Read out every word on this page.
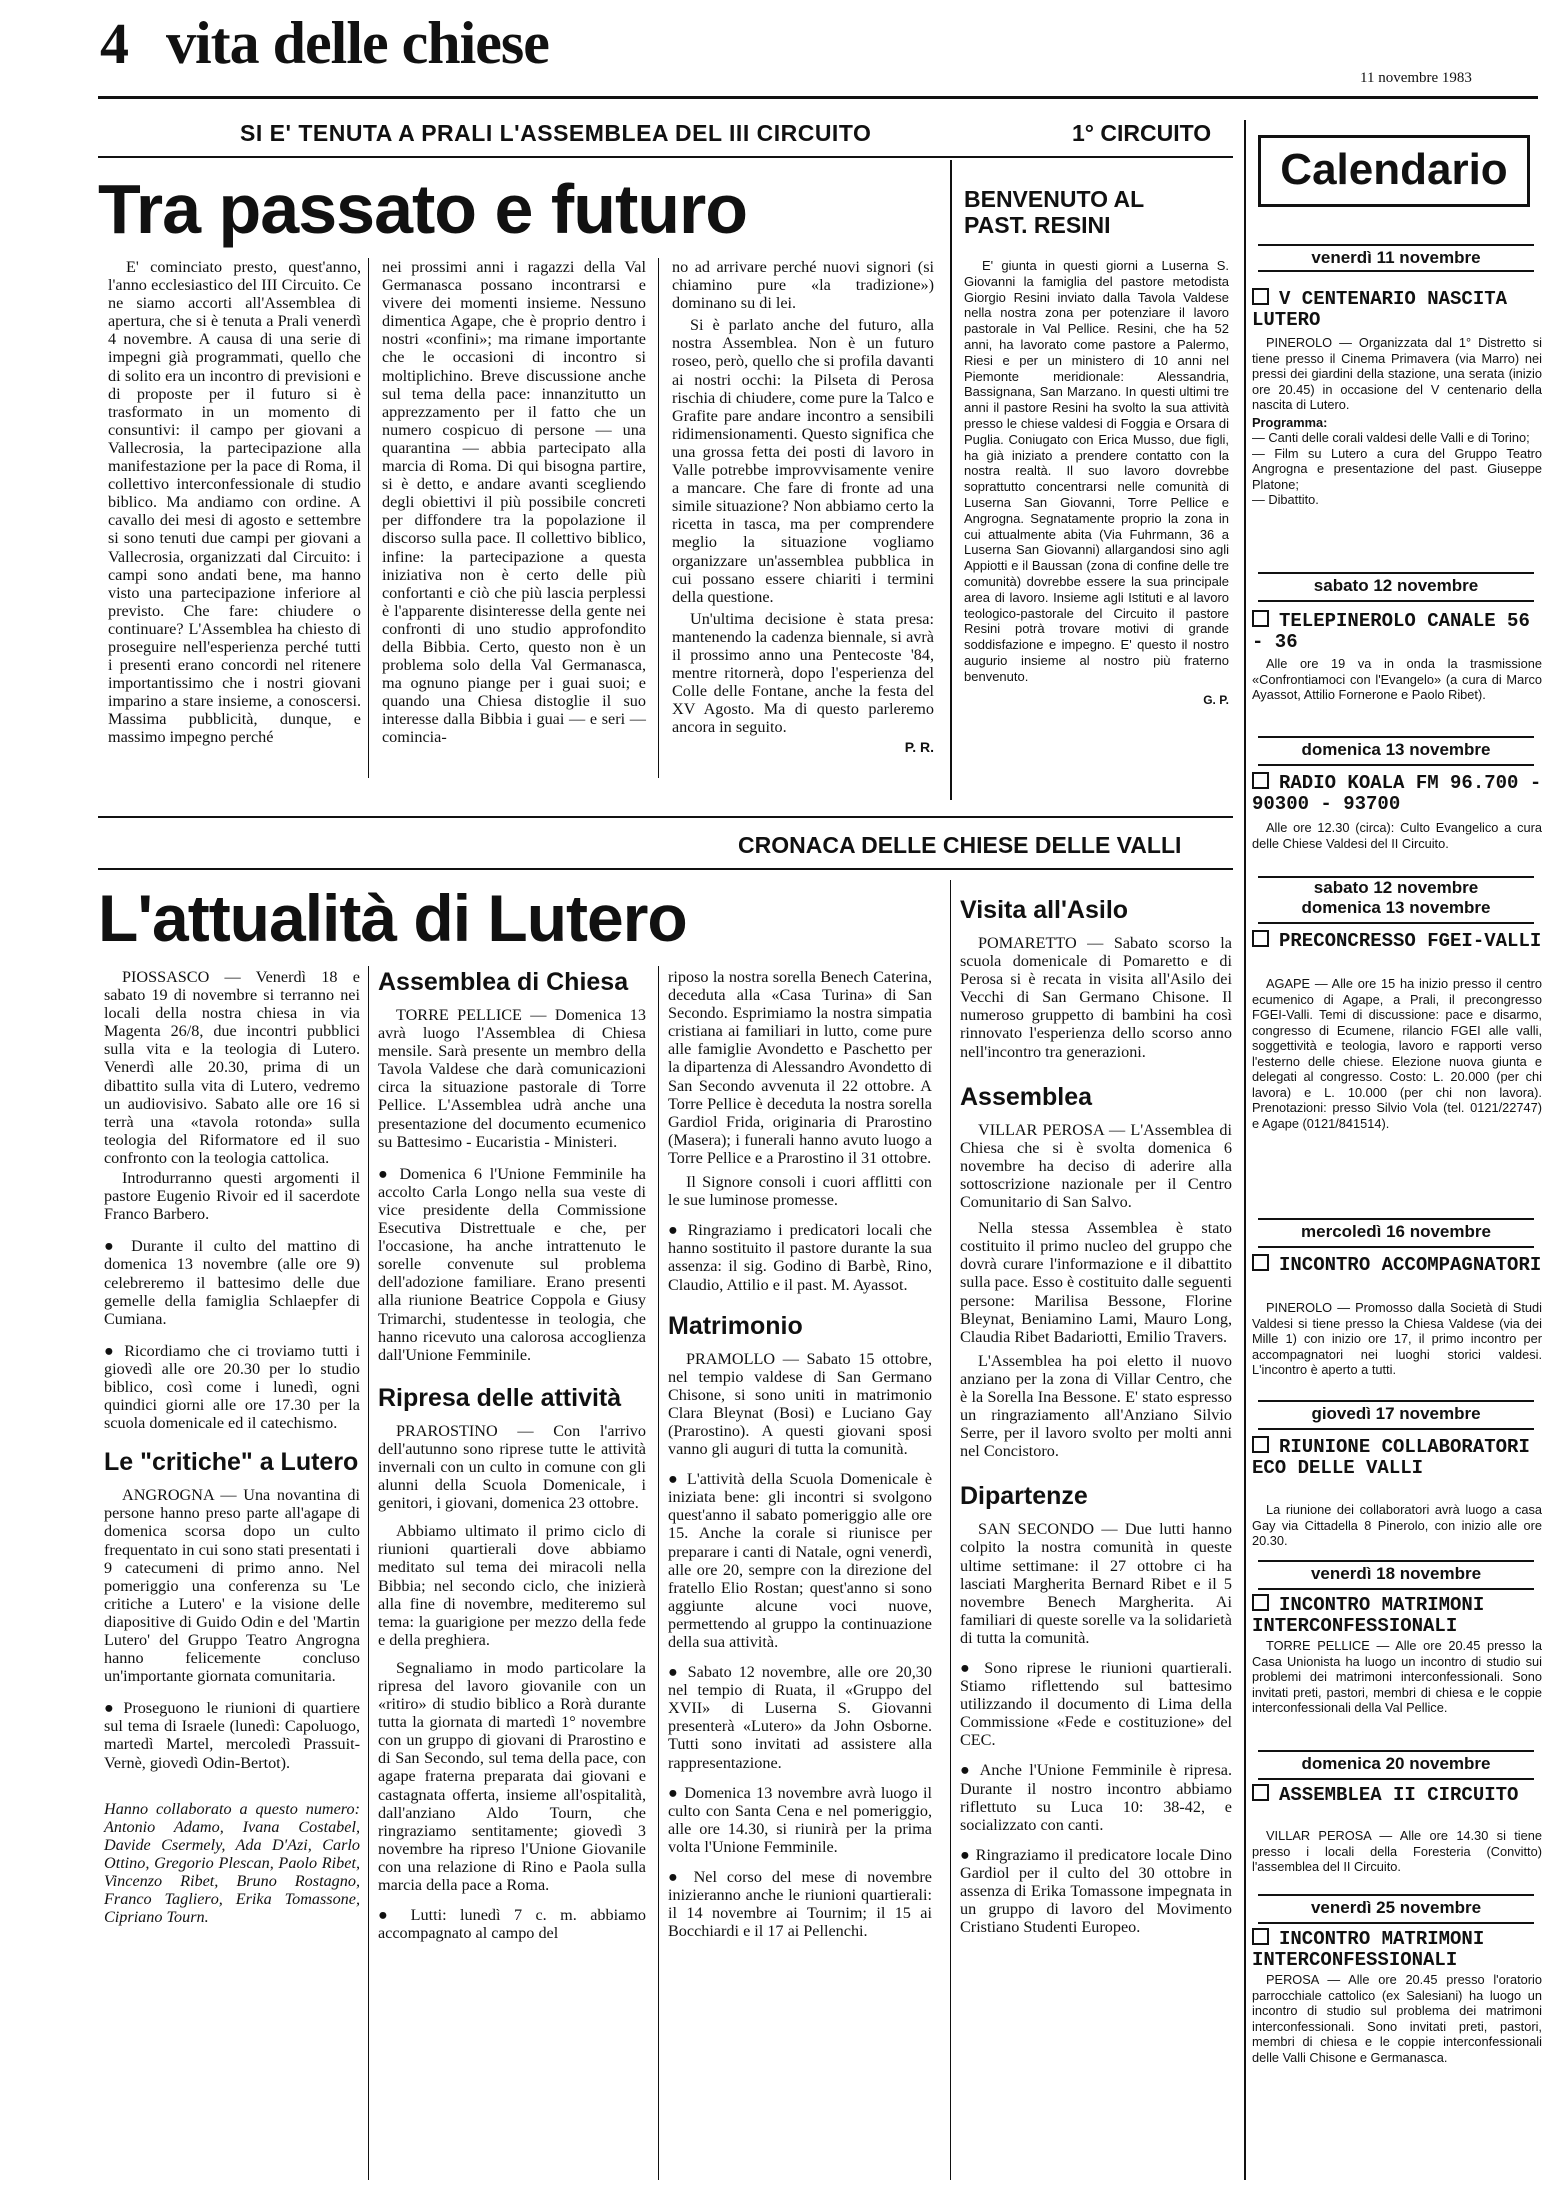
4 vita delle chiese
11 novembre 1983
SI E' TENUTA A PRALI L'ASSEMBLEA DEL III CIRCUITO
Tra passato e futuro

E' cominciato presto, quest'anno, l'anno ecclesiastico del III Circuito. Ce ne siamo accorti all'Assemblea di apertura, che si è tenuta a Prali venerdì 4 novembre. A causa di una serie di impegni già programmati, quello che di solito era un incontro di previsioni e di proposte per il futuro si è trasformato in un momento di consuntivi: il campo per giovani a Vallecrosia, la partecipazione alla manifestazione per la pace di Roma, il collettivo interconfessionale di studio biblico. Ma andiamo con ordine. A cavallo dei mesi di agosto e settembre si sono tenuti due campi per giovani a Vallecrosia, organizzati dal Circuito: i campi sono andati bene, ma hanno visto una partecipazione inferiore al previsto. Che fare: chiudere o continuare? L'Assemblea ha chiesto di proseguire nell'esperienza perché tutti i presenti erano concordi nel ritenere importantissimo che i nostri giovani imparino a stare insieme, a conoscersi. Massima pubblicità, dunque, e massimo impegno perché

nei prossimi anni i ragazzi della Val Germanasca possano incontrarsi e vivere dei momenti insieme. Nessuno dimentica Agape, che è proprio dentro i nostri «confini»; ma rimane importante che le occasioni di incontro si moltiplichino. Breve discussione anche sul tema della pace: innanzitutto un apprezzamento per il fatto che un numero cospicuo di persone — una quarantina — abbia partecipato alla marcia di Roma. Di qui bisogna partire, si è detto, e andare avanti scegliendo degli obiettivi il più possibile concreti per diffondere tra la popolazione il discorso sulla pace. Il collettivo biblico, infine: la partecipazione a questa iniziativa non è certo delle più confortanti e ciò che più lascia perplessi è l'apparente disinteresse della gente nei confronti di uno studio approfondito della Bibbia. Certo, questo non è un problema solo della Val Germanasca, ma ognuno piange per i guai suoi; e quando una Chiesa distoglie il suo interesse dalla Bibbia i guai — e seri — comincia-

no ad arrivare perché nuovi signori (si chiamino pure «la tradizione») dominano su di lei.

Si è parlato anche del futuro, alla nostra Assemblea. Non è un futuro roseo, però, quello che si profila davanti ai nostri occhi: la Pilseta di Perosa rischia di chiudere, come pure la Talco e Grafite pare andare incontro a sensibili ridimensionamenti. Questo significa che una grossa fetta dei posti di lavoro in Valle potrebbe improvvisamente venire a mancare. Che fare di fronte ad una simile situazione? Non abbiamo certo la ricetta in tasca, ma per comprendere meglio la situazione vogliamo organizzare un'assemblea pubblica in cui possano essere chiariti i termini della questione.

Un'ultima decisione è stata presa: mantenendo la cadenza biennale, si avrà il prossimo anno una Pentecoste '84, mentre ritornerà, dopo l'esperienza del Colle delle Fontane, anche la festa del XV Agosto. Ma di questo parleremo ancora in seguito.

P. R.
1° CIRCUITO
BENVENUTO AL PAST. RESINI

E' giunta in questi giorni a Luserna S. Giovanni la famiglia del pastore metodista Giorgio Resini inviato dalla Tavola Valdese nella nostra zona per potenziare il lavoro pastorale in Val Pellice. Resini, che ha 52 anni, ha lavorato come pastore a Palermo, Riesi e per un ministero di 10 anni nel Piemonte meridionale: Alessandria, Bassignana, San Marzano. In questi ultimi tre anni il pastore Resini ha svolto la sua attività presso le chiese valdesi di Foggia e Orsara di Puglia. Coniugato con Erica Musso, due figli, ha già iniziato a prendere contatto con la nostra realtà. Il suo lavoro dovrebbe soprattutto concentrarsi nelle comunità di Luserna San Giovanni, Torre Pellice e Angrogna. Segnatamente proprio la zona in cui attualmente abita (Via Fuhrmann, 36 a Luserna San Giovanni) allargandosi sino agli Appiotti e il Baussan (zona di confine delle tre comunità) dovrebbe essere la sua principale area di lavoro. Insieme agli Istituti e al lavoro teologico-pastorale del Circuito il pastore Resini potrà trovare motivi di grande soddisfazione e impegno. E' questo il nostro augurio insieme al nostro più fraterno benvenuto.

G. P.
Calendario
venerdì 11 novembre
V CENTENARIO NASCITA LUTERO

PINEROLO — Organizzata dal 1° Distretto si tiene presso il Cinema Primavera (via Marro) nei pressi dei giardini della stazione, una serata (inizio ore 20.45) in occasione del V centenario della nascita di Lutero.

Programma:
— Canti delle corali valdesi delle Valli e di Torino;
— Film su Lutero a cura del Gruppo Teatro Angrogna e presentazione del past. Giuseppe Platone;
— Dibattito.
sabato 12 novembre
TELEPINEROLO CANALE 56 - 36

Alle ore 19 va in onda la trasmissione «Confrontiamoci con l'Evangelo» (a cura di Marco Ayassot, Attilio Fornerone e Paolo Ribet).

domenica 13 novembre
RADIO KOALA FM 96.700 - 90300 - 93700

Alle ore 12.30 (circa): Culto Evangelico a cura delle Chiese Valdesi del II Circuito.

sabato 12 novembre domenica 13 novembre
PRECONCRESSO FGEI-VALLI

AGAPE — Alle ore 15 ha inizio presso il centro ecumenico di Agape, a Prali, il precongresso FGEI-Valli. Temi di discussione: pace e disarmo, congresso di Ecumene, rilancio FGEI alle valli, soggettività e teologia, lavoro e rapporti verso l'esterno delle chiese. Elezione nuova giunta e delegati al congresso. Costo: L. 20.000 (per chi lavora) e L. 10.000 (per chi non lavora). Prenotazioni: presso Silvio Vola (tel. 0121/22747) e Agape (0121/841514).

mercoledì 16 novembre
INCONTRO ACCOMPAGNATORI

PINEROLO — Promosso dalla Società di Studi Valdesi si tiene presso la Chiesa Valdese (via dei Mille 1) con inizio ore 17, il primo incontro per accompagnatori nei luoghi storici valdesi. L'incontro è aperto a tutti.

giovedì 17 novembre
RIUNIONE COLLABORATORI ECO DELLE VALLI

La riunione dei collaboratori avrà luogo a casa Gay via Cittadella 8 Pinerolo, con inizio alle ore 20.30.

venerdì 18 novembre
INCONTRO MATRIMONI INTERCONFESSIONALI

TORRE PELLICE — Alle ore 20.45 presso la Casa Unionista ha luogo un incontro di studio sui problemi dei matrimoni interconfessionali. Sono invitati preti, pastori, membri di chiesa e le coppie interconfessionali della Val Pellice.

domenica 20 novembre
ASSEMBLEA II CIRCUITO

VILLAR PEROSA — Alle ore 14.30 si tiene presso i locali della Foresteria (Convitto) l'assemblea del II Circuito.

venerdì 25 novembre
INCONTRO MATRIMONI INTERCONFESSIONALI

PEROSA — Alle ore 20.45 presso l'oratorio parrocchiale cattolico (ex Salesiani) ha luogo un incontro di studio sul problema dei matrimoni interconfessionali. Sono invitati preti, pastori, membri di chiesa e le coppie interconfessionali delle Valli Chisone e Germanasca.

CRONACA DELLE CHIESE DELLE VALLI
L'attualità di Lutero

PIOSSASCO — Venerdì 18 e sabato 19 di novembre si terranno nei locali della nostra chiesa in via Magenta 26/8, due incontri pubblici sulla vita e la teologia di Lutero. Venerdì alle 20.30, prima di un dibattito sulla vita di Lutero, vedremo un audiovisivo. Sabato alle ore 16 si terrà una «tavola rotonda» sulla teologia del Riformatore ed il suo confronto con la teologia cattolica.

Introdurranno questi argomenti il pastore Eugenio Rivoir ed il sacerdote Franco Barbero.

● Durante il culto del mattino di domenica 13 novembre (alle ore 9) celebreremo il battesimo delle due gemelle della famiglia Schlaepfer di Cumiana.

● Ricordiamo che ci troviamo tutti i giovedì alle ore 20.30 per lo studio biblico, così come i lunedì, ogni quindici giorni alle ore 17.30 per la scuola domenicale ed il catechismo.

Le "critiche" a Lutero

ANGROGNA — Una novantina di persone hanno preso parte all'agape di domenica scorsa dopo un culto frequentato in cui sono stati presentati i 9 catecumeni di primo anno. Nel pomeriggio una conferenza su 'Le critiche a Lutero' e la visione delle diapositive di Guido Odin e del 'Martin Lutero' del Gruppo Teatro Angrogna hanno felicemente concluso un'importante giornata comunitaria.

● Proseguono le riunioni di quartiere sul tema di Israele (lunedì: Capoluogo, martedì Martel, mercoledì Prassuit-Vernè, giovedì Odin-Bertot).

Hanno collaborato a questo numero: Antonio Adamo, Ivana Costabel, Davide Csermely, Ada D'Azi, Carlo Ottino, Gregorio Plescan, Paolo Ribet, Vincenzo Ribet, Bruno Rostagno, Franco Taglierо, Erika Tomassone, Cipriano Tourn.

Assemblea di Chiesa

TORRE PELLICE — Domenica 13 avrà luogo l'Assemblea di Chiesa mensile. Sarà presente un membro della Tavola Valdese che darà comunicazioni circa la situazione pastorale di Torre Pellice. L'Assemblea udrà anche una presentazione del documento ecumenico su Battesimo - Eucaristia - Ministeri.

● Domenica 6 l'Unione Femminile ha accolto Carla Longo nella sua veste di vice presidente della Commissione Esecutiva Distrettuale e che, per l'occasione, ha anche intrattenuto le sorelle convenute sul problema dell'adozione familiare. Erano presenti alla riunione Beatrice Coppola e Giusy Trimarchi, studentesse in teologia, che hanno ricevuto una calorosa accoglienza dall'Unione Femminile.

Ripresa delle attività

PRAROSTINO — Con l'arrivo dell'autunno sono riprese tutte le attività invernali con un culto in comune con gli alunni della Scuola Domenicale, i genitori, i giovani, domenica 23 ottobre.

Abbiamo ultimato il primo ciclo di riunioni quartierali dove abbiamo meditato sul tema dei miracoli nella Bibbia; nel secondo ciclo, che inizierà alla fine di novembre, mediteremo sul tema: la guarigione per mezzo della fede e della preghiera.

Segnaliamo in modo particolare la ripresa del lavoro giovanile con un «ritiro» di studio biblico a Rorà durante tutta la giornata di martedì 1° novembre con un gruppo di giovani di Prarostino e di San Secondo, sul tema della pace, con agape fraterna preparata dai giovani e castagnata offerta, insieme all'ospitalità, dall'anziano Aldo Tourn, che ringraziamo sentitamente; giovedì 3 novembre ha ripreso l'Unione Giovanile con una relazione di Rino e Paola sulla marcia della pace a Roma.

● Lutti: lunedì 7 c. m. abbiamo accompagnato al campo del

riposo la nostra sorella Benech Caterina, deceduta alla «Casa Turina» di San Secondo. Esprimiamo la nostra simpatia cristiana ai familiari in lutto, come pure alle famiglie Avondetto e Paschetto per la dipartenza di Alessandro Avondetto di San Secondo avvenuta il 22 ottobre. A Torre Pellice è deceduta la nostra sorella Gardiol Frida, originaria di Prarostino (Masera); i funerali hanno avuto luogo a Torre Pellice e a Prarostino il 31 ottobre.

Il Signore consoli i cuori afflitti con le sue luminose promesse.

● Ringraziamo i predicatori locali che hanno sostituito il pastore durante la sua assenza: il sig. Godino di Barbè, Rino, Claudio, Attilio e il past. M. Ayassot.

Matrimonio

PRAMOLLO — Sabato 15 ottobre, nel tempio valdese di San Germano Chisone, si sono uniti in matrimonio Clara Bleynat (Bosi) e Luciano Gay (Prarostino). A questi giovani sposi vanno gli auguri di tutta la comunità.

● L'attività della Scuola Domenicale è iniziata bene: gli incontri si svolgono quest'anno il sabato pomeriggio alle ore 15. Anche la corale si riunisce per preparare i canti di Natale, ogni venerdì, alle ore 20, sempre con la direzione del fratello Elio Rostan; quest'anno si sono aggiunte alcune voci nuove, permettendo al gruppo la continuazione della sua attività.

● Sabato 12 novembre, alle ore 20,30 nel tempio di Ruata, il «Gruppo del XVII» di Luserna S. Giovanni presenterà «Lutero» da John Osborne. Tutti sono invitati ad assistere alla rappresentazione.

● Domenica 13 novembre avrà luogo il culto con Santa Cena e nel pomeriggio, alle ore 14.30, si riunirà per la prima volta l'Unione Femminile.

● Nel corso del mese di novembre inizieranno anche le riunioni quartierali: il 14 novembre ai Tournim; il 15 ai Bocchiardi e il 17 ai Pellenchi.

Visita all'Asilo

POMARETTO — Sabato scorso la scuola domenicale di Pomaretto e di Perosa si è recata in visita all'Asilo dei Vecchi di San Germano Chisone. Il numeroso gruppetto di bambini ha così rinnovato l'esperienza dello scorso anno nell'incontro tra generazioni.

Assemblea

VILLAR PEROSA — L'Assemblea di Chiesa che si è svolta domenica 6 novembre ha deciso di aderire alla sottoscrizione nazionale per il Centro Comunitario di San Salvo.

Nella stessa Assemblea è stato costituito il primo nucleo del gruppo che dovrà curare l'informazione e il dibattito sulla pace. Esso è costituito dalle seguenti persone: Marilisa Bessone, Florine Bleynat, Beniamino Lami, Mauro Long, Claudia Ribet Badariotti, Emilio Travers.

L'Assemblea ha poi eletto il nuovo anziano per la zona di Villar Centro, che è la Sorella Ina Bessone. E' stato espresso un ringraziamento all'Anziano Silvio Serre, per il lavoro svolto per molti anni nel Concistoro.

Dipartenze

SAN SECONDO — Due lutti hanno colpito la nostra comunità in queste ultime settimane: il 27 ottobre ci ha lasciati Margherita Bernard Ribet e il 5 novembre Benech Margherita. Ai familiari di queste sorelle va la solidarietà di tutta la comunità.

● Sono riprese le riunioni quartierali. Stiamo riflettendo sul battesimo utilizzando il documento di Lima della Commissione «Fede e costituzione» del CEC.

● Anche l'Unione Femminile è ripresa. Durante il nostro incontro abbiamo riflettuto su Luca 10: 38-42, e socializzato con canti.

● Ringraziamo il predicatore locale Dino Gardiol per il culto del 30 ottobre in assenza di Erika Tomassone impegnata in un gruppo di lavoro del Movimento Cristiano Studenti Europeo.
